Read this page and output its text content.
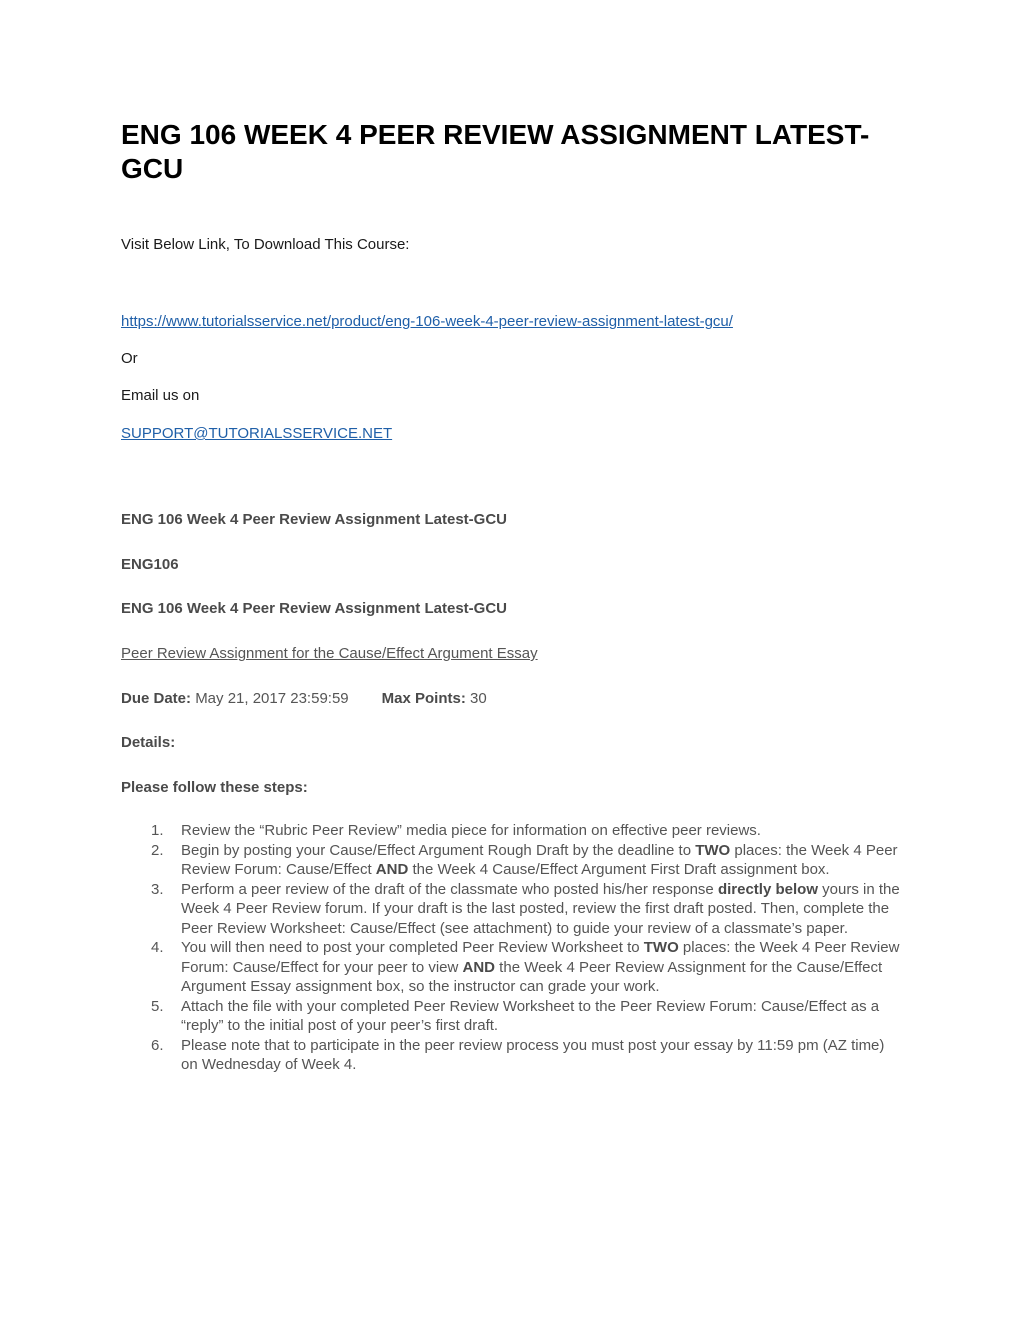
ENG 106 WEEK 4 PEER REVIEW ASSIGNMENT LATEST-GCU
Visit Below Link, To Download This Course:
https://www.tutorialsservice.net/product/eng-106-week-4-peer-review-assignment-latest-gcu/
Or
Email us on
SUPPORT@TUTORIALSSERVICE.NET
ENG 106 Week 4 Peer Review Assignment Latest-GCU
ENG106
ENG 106 Week 4 Peer Review Assignment Latest-GCU
Peer Review Assignment for the Cause/Effect Argument Essay
Due Date: May 21, 2017 23:59:59 Max Points: 30
Details:
Please follow these steps:
1.	Review the “Rubric Peer Review” media piece for information on effective peer reviews.
2.	Begin by posting your Cause/Effect Argument Rough Draft by the deadline to TWO places: the Week 4 Peer Review Forum: Cause/Effect AND the Week 4 Cause/Effect Argument First Draft assignment box.
3.	Perform a peer review of the draft of the classmate who posted his/her response directly below yours in the Week 4 Peer Review forum. If your draft is the last posted, review the first draft posted. Then, complete the Peer Review Worksheet: Cause/Effect (see attachment) to guide your review of a classmate’s paper.
4.	You will then need to post your completed Peer Review Worksheet to TWO places: the Week 4 Peer Review Forum: Cause/Effect for your peer to view AND the Week 4 Peer Review Assignment for the Cause/Effect Argument Essay assignment box, so the instructor can grade your work.
5.	Attach the file with your completed Peer Review Worksheet to the Peer Review Forum: Cause/Effect as a “reply” to the initial post of your peer’s first draft.
6.	Please note that to participate in the peer review process you must post your essay by 11:59 pm (AZ time) on Wednesday of Week 4.
